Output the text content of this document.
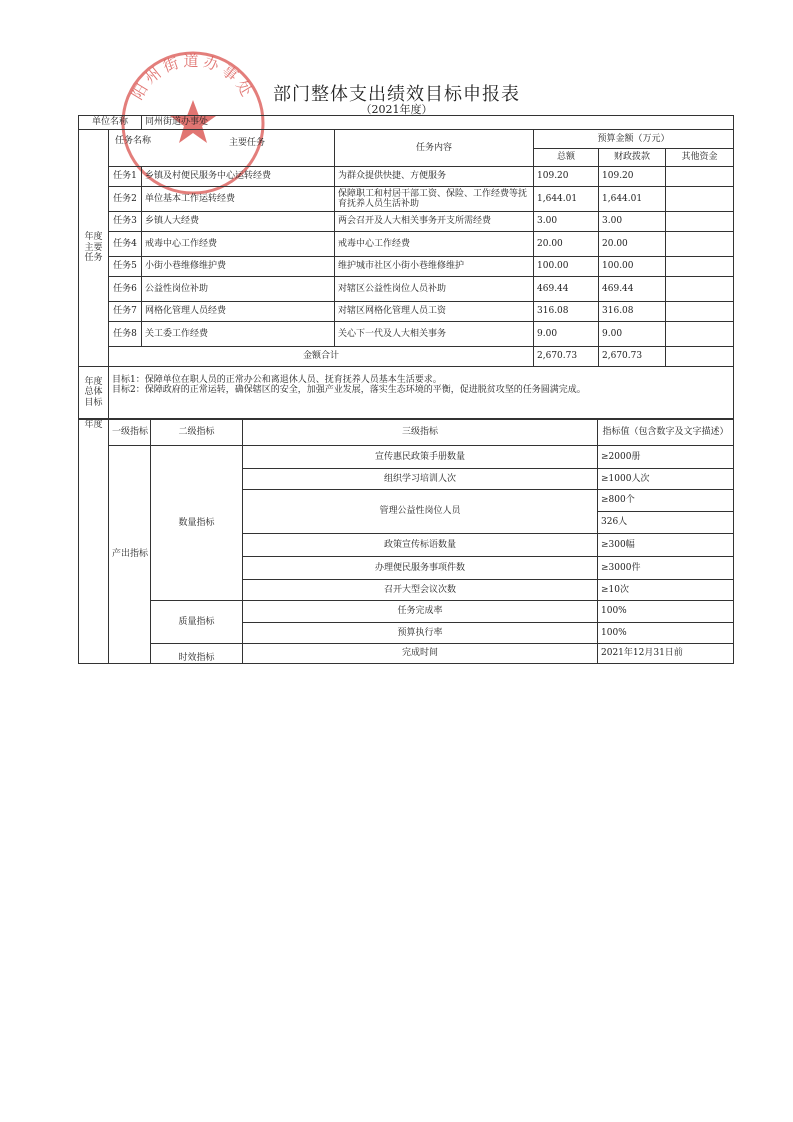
阳州街道办事处 部门整体支出绩效目标申报表
（2021年度）
单位名称		同州街道办事处				
年度主要任务	任务名称 主要任务		任务内容	预算金额（万元）		
				总额	财政拨款	其他资金
	任务1	乡镇及村便民服务中心运转经费	为群众提供快捷、方便服务	109.20	109.20	
	任务2	单位基本工作运转经费	保障职工和村居干部工资、保险、工作经费等抚育抚养人员生活补助	1,644.01	1,644.01	
	任务3	乡镇人大经费	两会召开及人大相关事务开支所需经费	3.00	3.00	
	任务4	戒毒中心工作经费	戒毒中心工作经费	20.00	20.00	
	任务5	小街小巷维修维护费	维护城市社区小街小巷维修维护	100.00	100.00	
	任务6	公益性岗位补助	对辖区公益性岗位人员补助	469.44	469.44	
	任务7	网格化管理人员经费	对辖区网格化管理人员工资	316.08	316.08	
	任务8	关工委工作经费	关心下一代及人大相关事务	9.00	9.00	
	金额合计			2,670.73	2,670.73	
年度总体目标	目标1：保障单位在职人员的正常办公和离退休人员、抚育抚养人员基本生活要求。
目标2：保障政府的正常运转，确保辖区的安全，加强产业发展，落实生态环境的平衡，促进脱贫攻坚的任务圆满完成。					
年度	一级指标	二级指标	三级指标	指标值（包含数字及文字描述）
	产出指标	数量指标	宣传惠民政策手册数量	≥2000册
			组织学习培训人次	≥1000人次
			管理公益性岗位人员	≥800个
				326人
			政策宣传标语数量	≥300幅
			办理便民服务事项件数	≥3000件
			召开大型会议次数	≥10次
		质量指标	任务完成率	100%
			预算执行率	100%
		时效指标	完成时间	2021年12月31日前
